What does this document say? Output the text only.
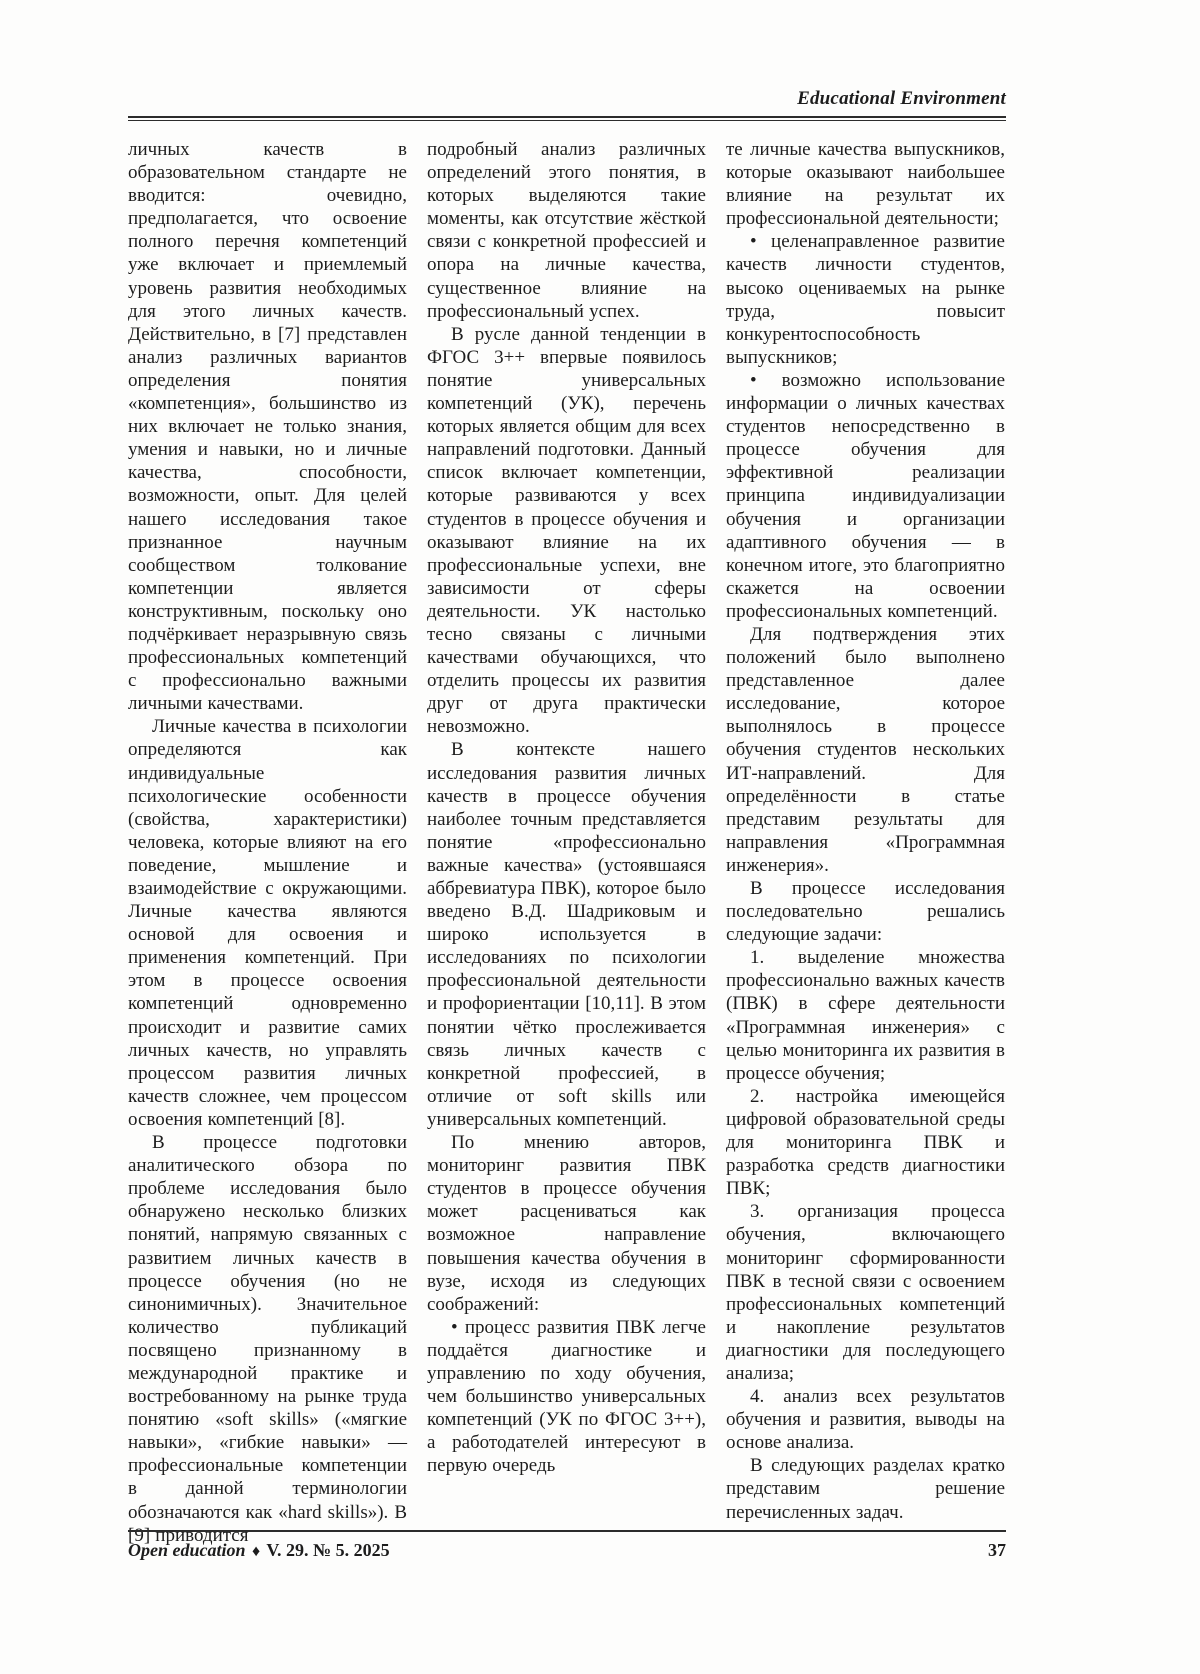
Educational Environment

личных качеств в образовательном стандарте не вводится: очевидно, предполагается, что освоение полного перечня компетенций уже включает и приемлемый уровень развития необходимых для этого личных качеств. Действительно, в [7] представлен анализ различных вариантов определения понятия «компетенция», большинство из них включает не только знания, умения и навыки, но и личные качества, способности, возможности, опыт. Для целей нашего исследования такое признанное научным сообществом толкование компетенции является конструктивным, поскольку оно подчёркивает неразрывную связь профессиональных компетенций с профессионально важными личными качествами.

Личные качества в психологии определяются как индивидуальные психологические особенности (свойства, характеристики) человека, которые влияют на его поведение, мышление и взаимодействие с окружающими. Личные качества являются основой для освоения и применения компетенций. При этом в процессе освоения компетенций одновременно происходит и развитие самих личных качеств, но управлять процессом развития личных качеств сложнее, чем процессом освоения компетенций [8].

В процессе подготовки аналитического обзора по проблеме исследования было обнаружено несколько близких понятий, напрямую связанных с развитием личных качеств в процессе обучения (но не синонимичных). Значительное количество публикаций посвящено признанному в международной практике и востребованному на рынке труда понятию «soft skills» («мягкие навыки», «гибкие навыки» — профессиональные компетенции в данной терминологии обозначаются как «hard skills»). В [9] приводится

подробный анализ различных определений этого понятия, в которых выделяются такие моменты, как отсутствие жёсткой связи с конкретной профессией и опора на личные качества, существенное влияние на профессиональный успех.

В русле данной тенденции в ФГОС 3++ впервые появилось понятие универсальных компетенций (УК), перечень которых является общим для всех направлений подготовки. Данный список включает компетенции, которые развиваются у всех студентов в процессе обучения и оказывают влияние на их профессиональные успехи, вне зависимости от сферы деятельности. УК настолько тесно связаны с личными качествами обучающихся, что отделить процессы их развития друг от друга практически невозможно.

В контексте нашего исследования развития личных качеств в процессе обучения наиболее точным представляется понятие «профессионально важные качества» (устоявшаяся аббревиатура ПВК), которое было введено В.Д. Шадриковым и широко используется в исследованиях по психологии профессиональной деятельности и профориентации [10,11]. В этом понятии чётко прослеживается связь личных качеств с конкретной профессией, в отличие от soft skills или универсальных компетенций.

По мнению авторов, мониторинг развития ПВК студентов в процессе обучения может расцениваться как возможное направление повышения качества обучения в вузе, исходя из следующих соображений:

• процесс развития ПВК легче поддаётся диагностике и управлению по ходу обучения, чем большинство универсальных компетенций (УК по ФГОС 3++), а работодателей интересуют в первую очередь

те личные качества выпускников, которые оказывают наибольшее влияние на результат их профессиональной деятельности;

• целенаправленное развитие качеств личности студентов, высоко оцениваемых на рынке труда, повысит конкурентоспособность выпускников;

• возможно использование информации о личных качествах студентов непосредственно в процессе обучения для эффективной реализации принципа индивидуализации обучения и организации адаптивного обучения — в конечном итоге, это благоприятно скажется на освоении профессиональных компетенций.

Для подтверждения этих положений было выполнено представленное далее исследование, которое выполнялось в процессе обучения студентов нескольких ИТ-направлений. Для определённости в статье представим результаты для направления «Программная инженерия».

В процессе исследования последовательно решались следующие задачи:

1. выделение множества профессионально важных качеств (ПВК) в сфере деятельности «Программная инженерия» с целью мониторинга их развития в процессе обучения;

2. настройка имеющейся цифровой образовательной среды для мониторинга ПВК и разработка средств диагностики ПВК;

3. организация процесса обучения, включающего мониторинг сформированности ПВК в тесной связи с освоением профессиональных компетенций и накопление результатов диагностики для последующего анализа;

4. анализ всех результатов обучения и развития, выводы на основе анализа.

В следующих разделах кратко представим решение перечисленных задач.

Open education ♦ V. 29. № 5. 2025	37
